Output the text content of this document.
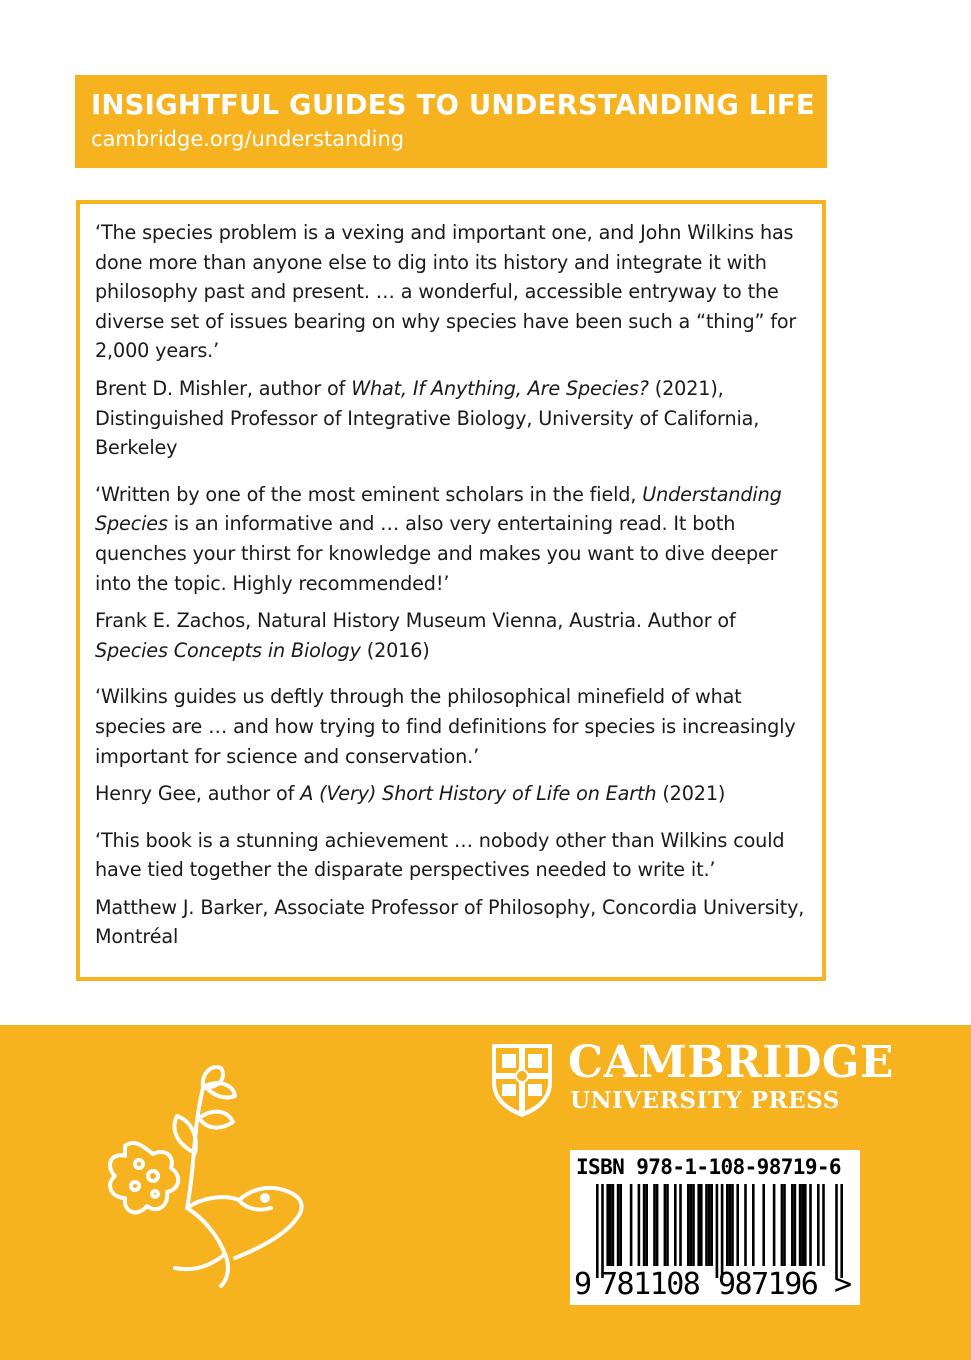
INSIGHTFUL GUIDES TO UNDERSTANDING LIFE
cambridge.org/understanding

‘The species problem is a vexing and important one, and John Wilkins has done more than anyone else to dig into its history and integrate it with philosophy past and present. … a wonderful, accessible entryway to the diverse set of issues bearing on why species have been such a “thing” for 2,000 years.’

Brent D. Mishler, author of What, If Anything, Are Species? (2021), Distinguished Professor of Integrative Biology, University of California, Berkeley

‘Written by one of the most eminent scholars in the field, Understanding Species is an informative and … also very entertaining read. It both quenches your thirst for knowledge and makes you want to dive deeper into the topic. Highly recommended!’

Frank E. Zachos, Natural History Museum Vienna, Austria. Author of Species Concepts in Biology (2016)

‘Wilkins guides us deftly through the philosophical minefield of what species are … and how trying to find definitions for species is increasingly important for science and conservation.’

Henry Gee, author of A (Very) Short History of Life on Earth (2021)

‘This book is a stunning achievement … nobody other than Wilkins could have tied together the disparate perspectives needed to write it.’

Matthew J. Barker, Associate Professor of Philosophy, Concordia University, Montréal

CAMBRIDGE
UNIVERSITY PRESS
ISBN 978-1-108-98719-6
9 781108 987196 >
